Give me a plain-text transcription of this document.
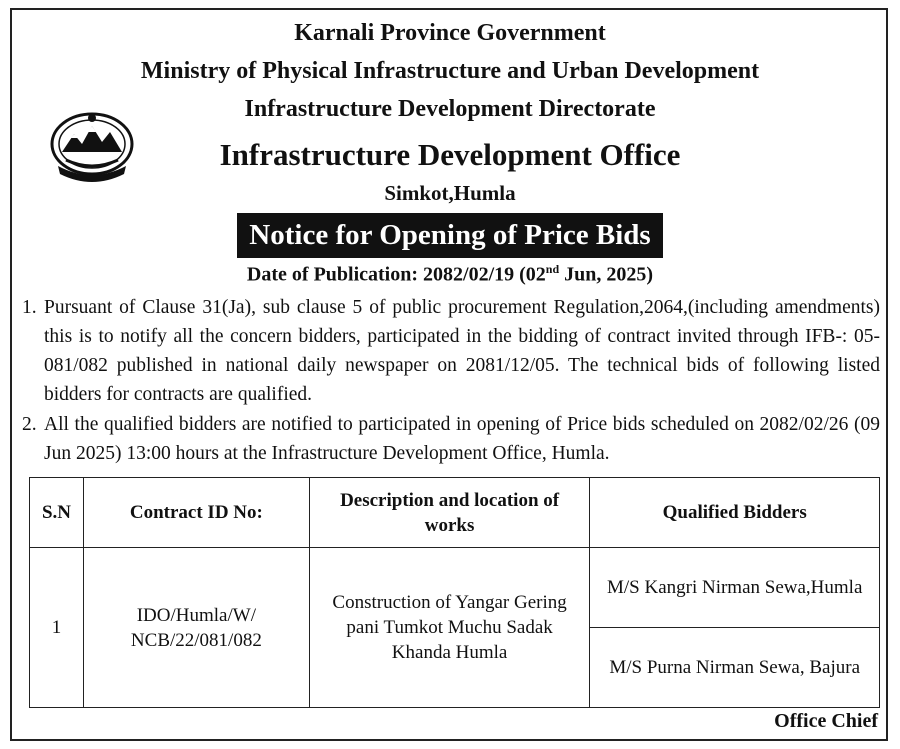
Karnali Province Government
Ministry of Physical Infrastructure and Urban Development
Infrastructure Development Directorate
Infrastructure Development Office
Simkot,Humla
Notice for Opening of Price Bids
Date of Publication: 2082/02/19 (02nd Jun, 2025)
1. Pursuant of Clause 31(Ja), sub clause 5 of public procurement Regulation,2064,(including amendments) this is to notify all the concern bidders, participated in the bidding of contract invited through IFB-: 05-081/082 published in national daily newspaper on 2081/12/05. The technical bids of following listed bidders for contracts are qualified.
2. All the qualified bidders are notified to participated in opening of Price bids scheduled on 2082/02/26 (09 Jun 2025) 13:00 hours at the Infrastructure Development Office, Humla.
S.N	Contract ID No:	Description and location of works	Qualified Bidders
1	IDO/Humla/W/ NCB/22/081/082	Construction of Yangar Gering pani Tumkot Muchu Sadak Khanda Humla	M/S Kangri Nirman Sewa,Humla
			M/S Purna Nirman Sewa, Bajura
Office Chief
